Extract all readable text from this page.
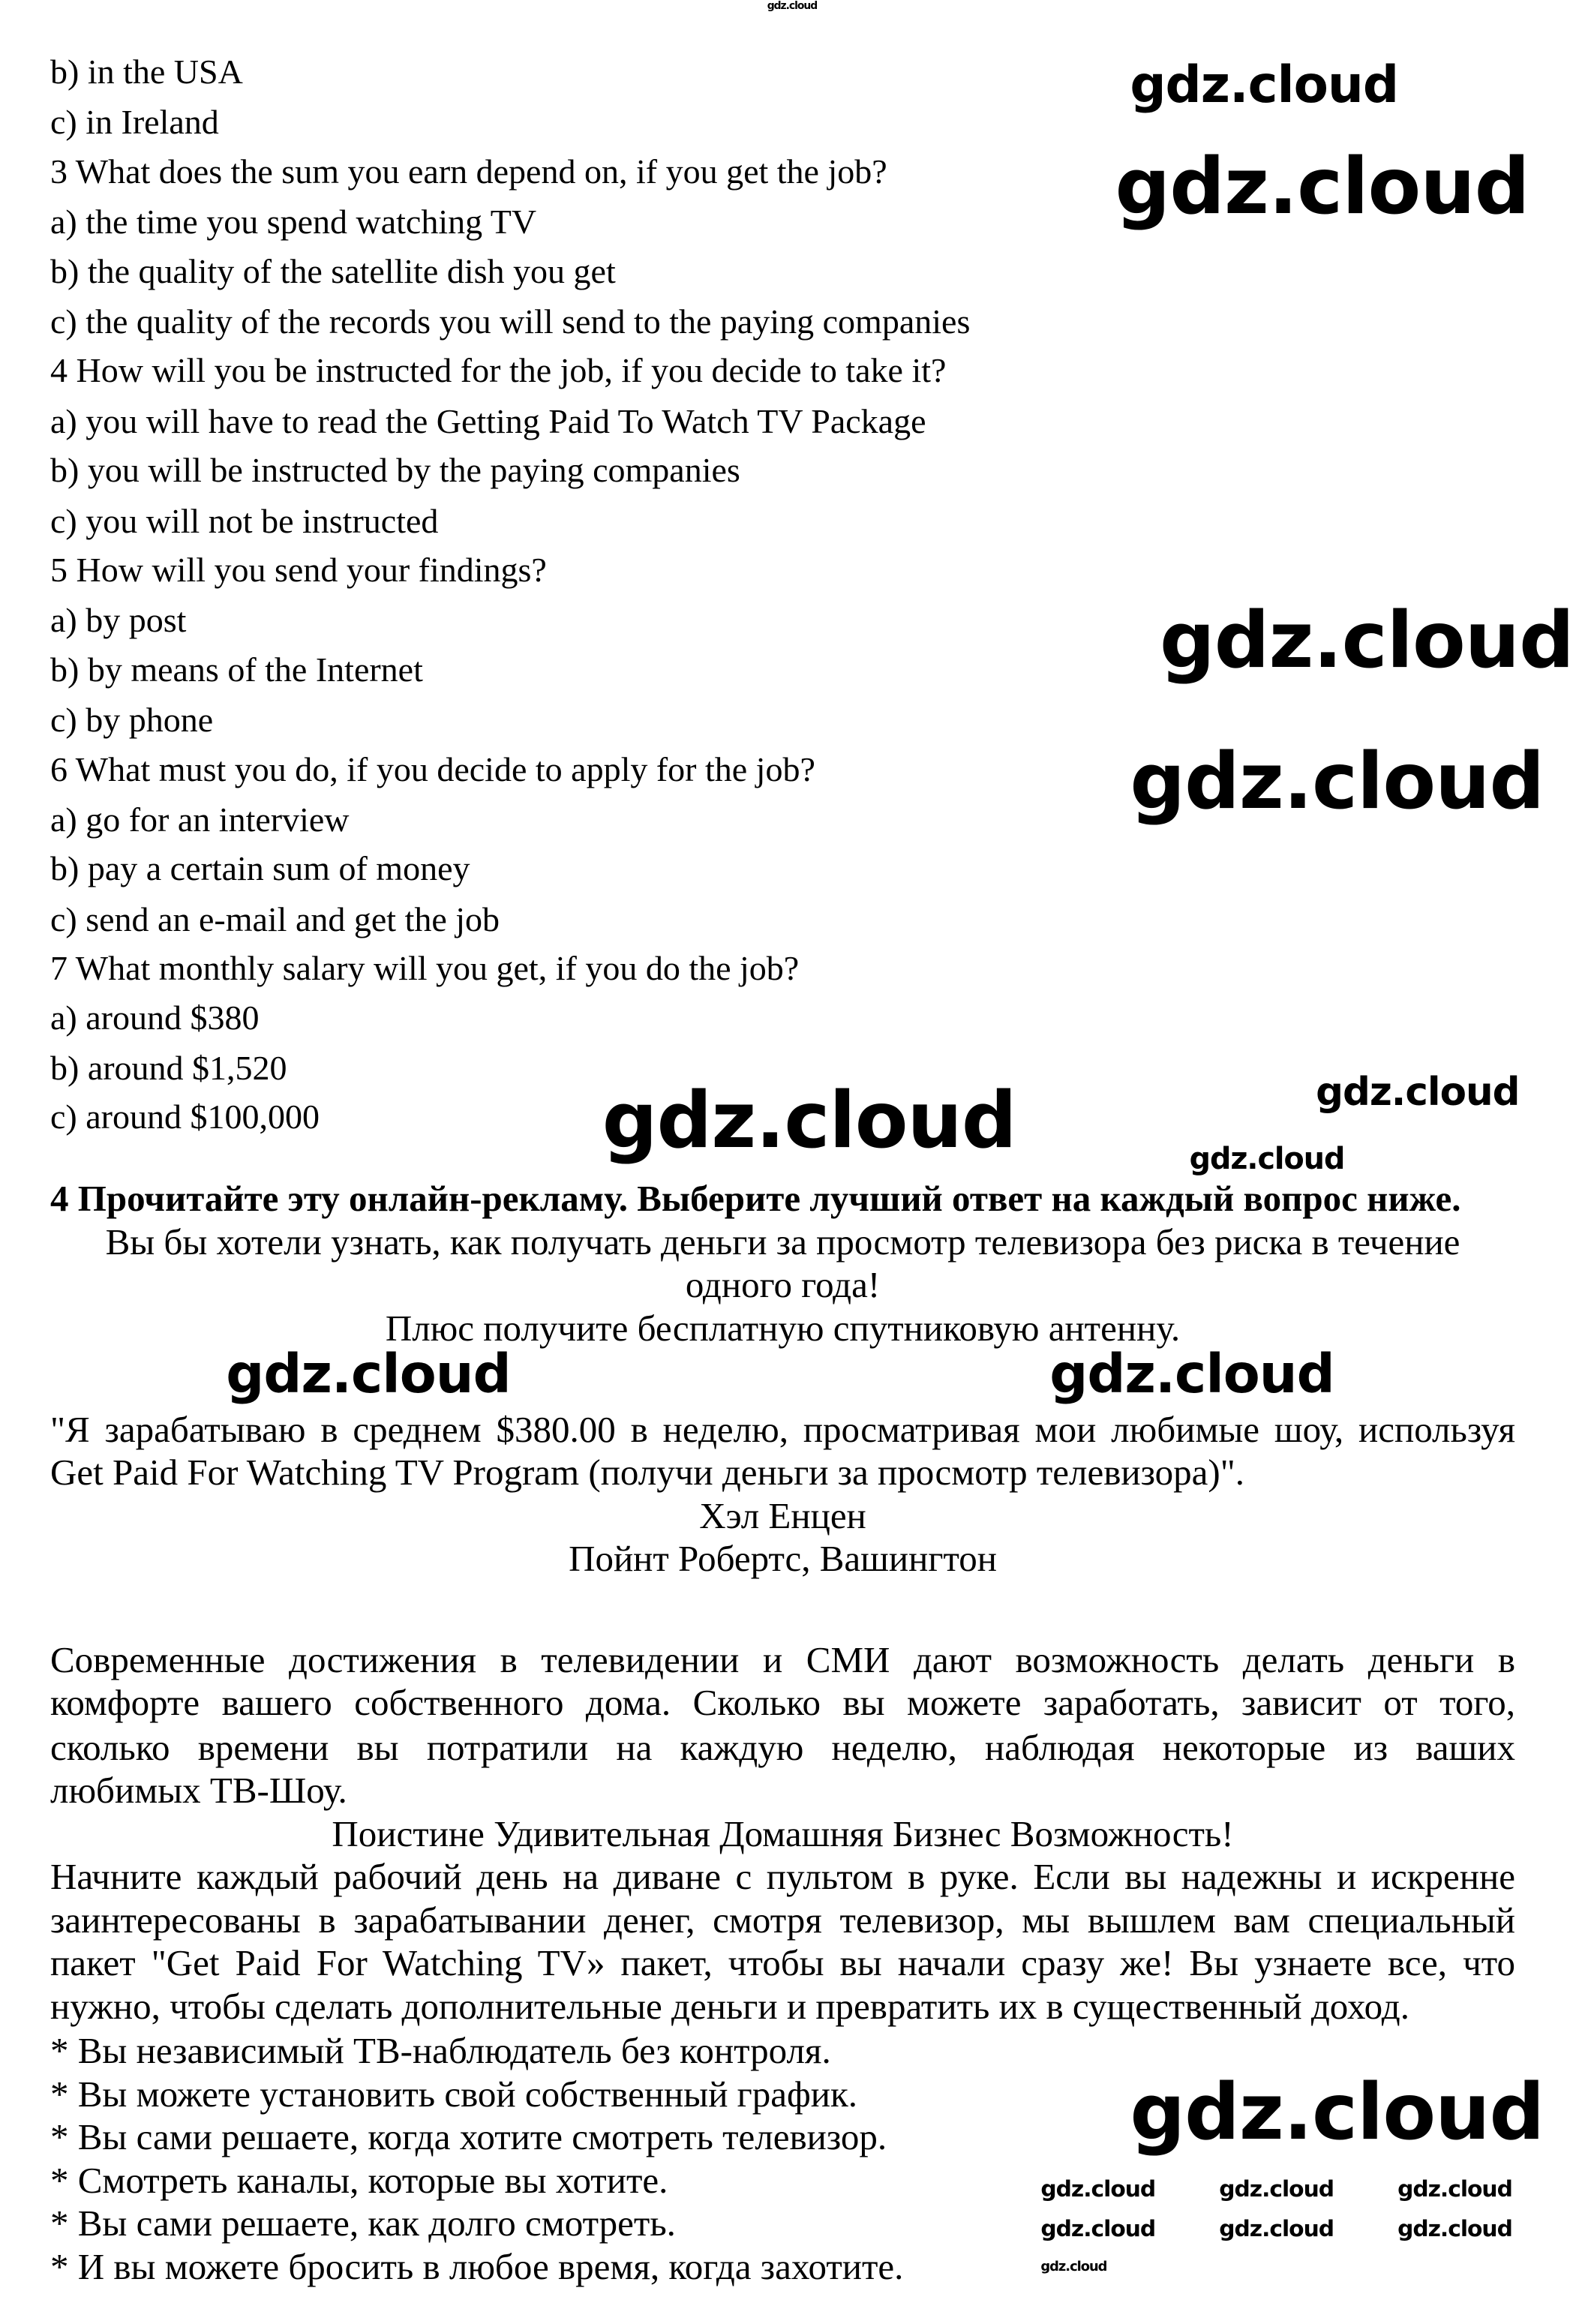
b) in the USA
c) in Ireland
3 What does the sum you earn depend on, if you get the job?
a) the time you spend watching TV
b) the quality of the satellite dish you get
c) the quality of the records you will send to the paying companies
4 How will you be instructed for the job, if you decide to take it?
a) you will have to read the Getting Paid To Watch TV Package
b) you will be instructed by the paying companies
c) you will not be instructed
5 How will you send your findings?
a) by post
b) by means of the Internet
c) by phone
6 What must you do, if you decide to apply for the job?
a) go for an interview
b) pay a certain sum of money
c) send an e-mail and get the job
7 What monthly salary will you get, if you do the job?
a) around $380
b) around $1,520
c) around $100,000
4 Прочитайте эту онлайн-рекламу. Выберите лучший ответ на каждый вопрос ниже.
Вы бы хотели узнать, как получать деньги за просмотр телевизора без риска в течение
одного года!
Плюс получите бесплатную спутниковую антенну.
"Я зарабатываю в среднем $380.00 в неделю, просматривая мои любимые шоу, используя
Get Paid For Watching TV Program (получи деньги за просмотр телевизора)".
Хэл Енцен
Пойнт Робертс, Вашингтон
Современные достижения в телевидении и СМИ дают возможность делать деньги в
комфорте вашего собственного дома. Сколько вы можете заработать, зависит от того,
сколько времени вы потратили на каждую неделю, наблюдая некоторые из ваших
любимых ТВ-Шоу.
Поистине Удивительная Домашняя Бизнес Возможность!
Начните каждый рабочий день на диване с пультом в руке. Если вы надежны и искренне
заинтересованы в зарабатывании денег, смотря телевизор, мы вышлем вам специальный
пакет "Get Paid For Watching TV» пакет, чтобы вы начали сразу же! Вы узнаете все, что
нужно, чтобы сделать дополнительные деньги и превратить их в существенный доход.
* Вы независимый ТВ-наблюдатель без контроля.
* Вы можете установить свой собственный график.
* Вы сами решаете, когда хотите смотреть телевизор.
* Смотреть каналы, которые вы хотите.
* Вы сами решаете, как долго смотреть.
* И вы можете бросить в любое время, когда захотите.
gdz.cloud
gdz.cloud
gdz.cloud
gdz.cloud
gdz.cloud
gdz.cloud
gdz.cloud	gdz.cloud
gdz.cloud	gdz.cloud
gdz.cloud
gdz.cloud	gdz.cloud	gdz.cloud
gdz.cloud	gdz.cloud	gdz.cloud
gdz.cloud
